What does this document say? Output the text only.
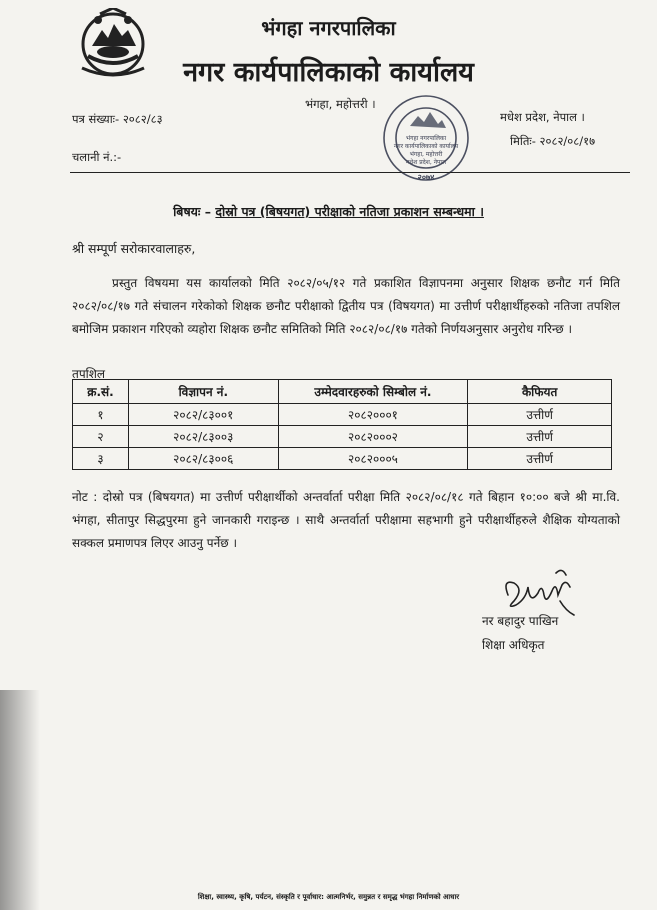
भंगहा नगरपालिका
नगर कार्यपालिकाको कार्यालय
भंगहा, महोत्तरी ।
मधेश प्रदेश, नेपाल ।
पत्र संख्याः- २०८२/८३
चलानी नं.:-
मितिः- २०८२/०८/१७
भंगहा नगरपालिका
नगर कार्यपालिकाको कार्यालय
भंगहा, महोत्तरी
मधेश प्रदेश, नेपाल
२०७४
बिषयः – दोस्रो पत्र (बिषयगत) परीक्षाको नतिजा प्रकाशन सम्बन्धमा ।
श्री सम्पूर्ण सरोकारवालाहरु,
प्रस्तुत विषयमा यस कार्यालको मिति २०८२/०५/१२ गते प्रकाशित विज्ञापनमा अनुसार शिक्षक छनौट गर्न मिति २०८२/०८/१७ गते संचालन गरेकोको शिक्षक छनौट परीक्षाको द्वितीय पत्र (विषयगत) मा उत्तीर्ण परीक्षार्थीहरुको नतिजा तपशिल बमोजिम प्रकाशन गरिएको व्यहोरा शिक्षक छनौट समितिको मिति २०८२/०८/१७ गतेको निर्णयअनुसार अनुरोध गरिन्छ ।
तपशिल
क्र.सं.	विज्ञापन नं.	उम्मेदवारहरुको सिम्बोल नं.	कैफियत
१	२०८२/८३००१	२०८२०००१	उत्तीर्ण
२	२०८२/८३००३	२०८२०००२	उत्तीर्ण
३	२०८२/८३००६	२०८२०००५	उत्तीर्ण
नोट : दोस्रो पत्र (बिषयगत) मा उत्तीर्ण परीक्षार्थीको अन्तर्वार्ता परीक्षा मिति २०८२/०८/१८ गते बिहान १०:०० बजे श्री मा.वि. भंगहा, सीतापुर सिद्धपुरमा हुने जानकारी गराइन्छ । साथै अन्तर्वार्ता परीक्षामा सहभागी हुने परीक्षार्थीहरुले शैक्षिक योग्यताको सक्कल प्रमाणपत्र लिएर आउनु पर्नेछ ।
नर बहादुर पाखिन
शिक्षा अधिकृत
शिक्षा, स्वास्थ्य, कृषि, पर्यटन, संस्कृति र पूर्वाधार: आत्मनिर्भर, समुन्नत र समृद्ध भंगहा निर्माणको आधार
